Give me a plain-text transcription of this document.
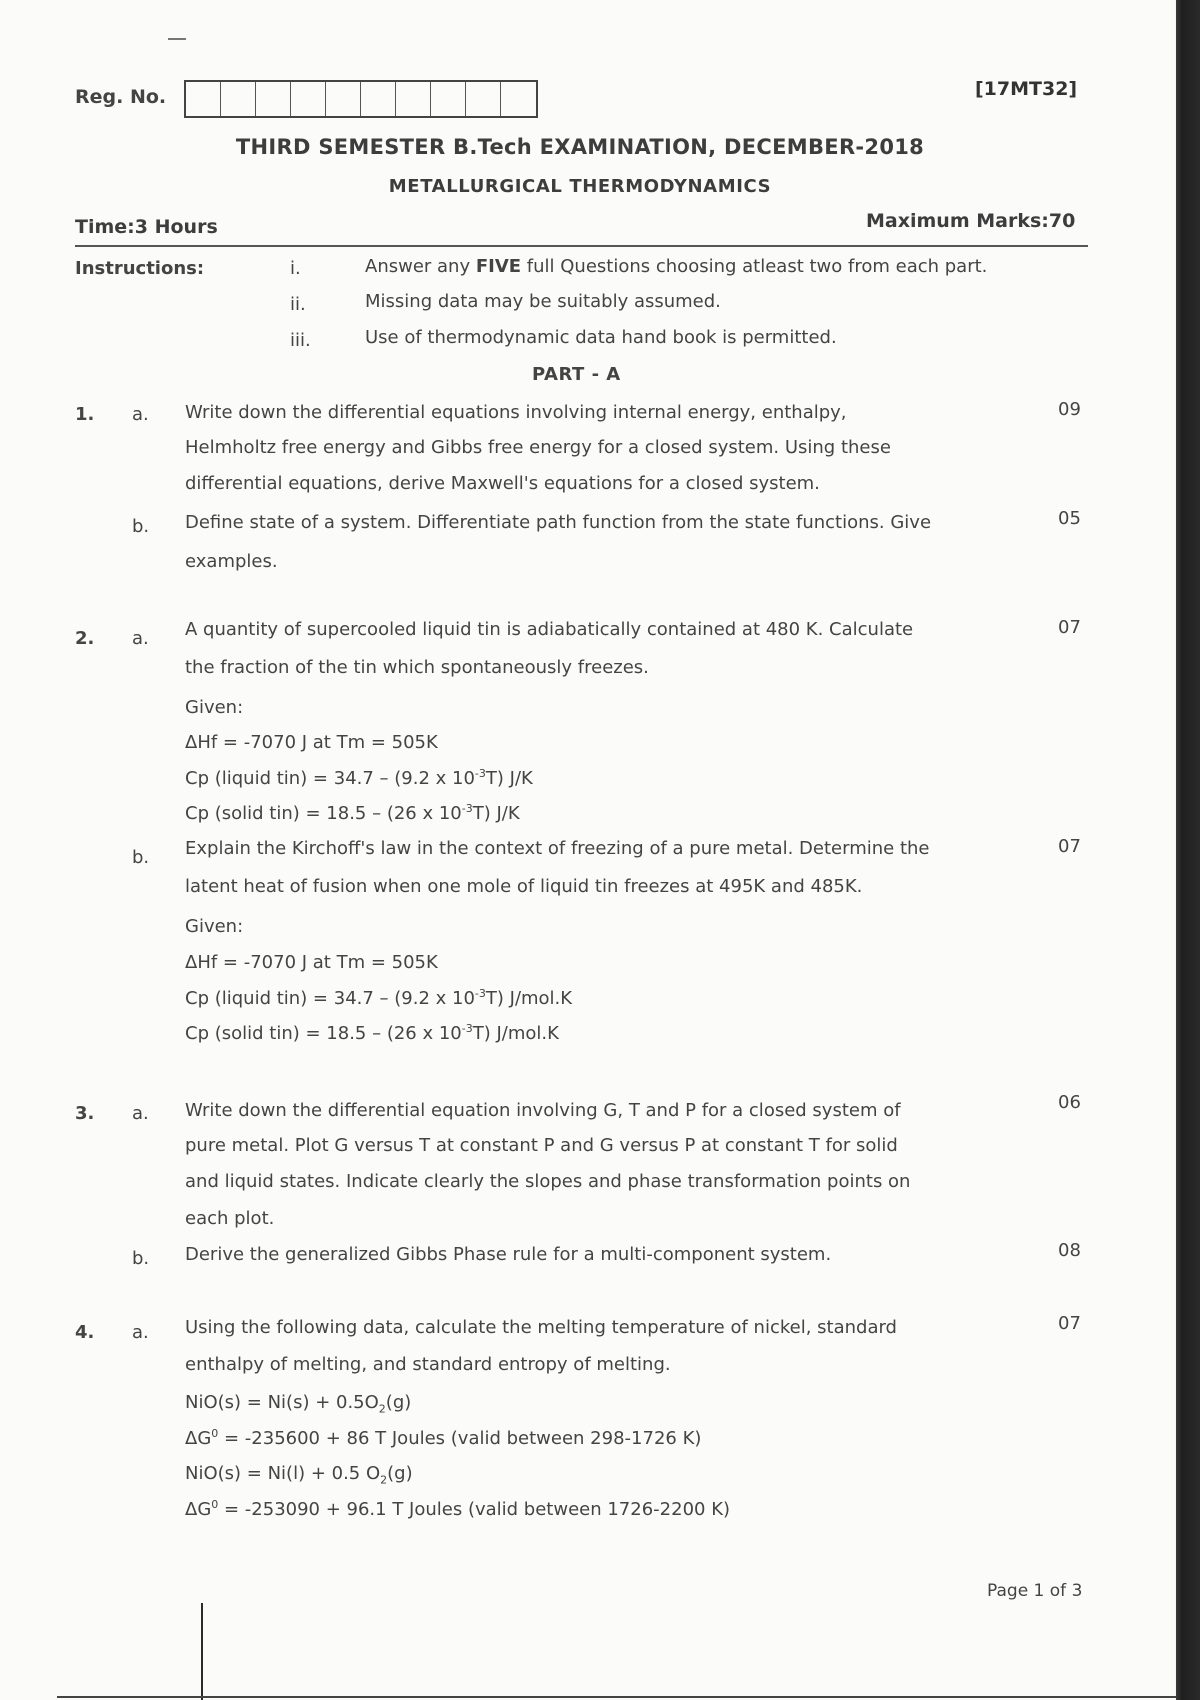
Reg. No.	[17MT32]
THIRD SEMESTER B.Tech EXAMINATION, DECEMBER-2018
METALLURGICAL THERMODYNAMICS
Time:3 Hours	Maximum Marks:70
Instructions:	i.	Answer any FIVE full Questions choosing atleast two from each part.
ii.	Missing data may be suitably assumed.
iii.	Use of thermodynamic data hand book is permitted.
PART - A
1. a. Write down the differential equations involving internal energy, enthalpy,
Helmholtz free energy and Gibbs free energy for a closed system. Using these
differential equations, derive Maxwell's equations for a closed system.
09
b. Define state of a system. Differentiate path function from the state functions. Give
examples.
05
2. a. A quantity of supercooled liquid tin is adiabatically contained at 480 K. Calculate
the fraction of the tin which spontaneously freezes.
07
Given:
ΔHf = -7070 J at Tm = 505K
Cp (liquid tin) = 34.7 – (9.2 x $10^{-3}T$) J/K
Cp (solid tin) = 18.5 – (26 x $10^{-3}T$) J/K
b. Explain the Kirchoff's law in the context of freezing of a pure metal. Determine the
latent heat of fusion when one mole of liquid tin freezes at 495K and 485K.
07
Given:
ΔHf = -7070 J at Tm = 505K
Cp (liquid tin) = 34.7 – (9.2 x $10^{-3}T$) J/mol.K
Cp (solid tin) = 18.5 – (26 x $10^{-3}T$) J/mol.K
3. a. Write down the differential equation involving G, T and P for a closed system of
pure metal. Plot G versus T at constant P and G versus P at constant T for solid
and liquid states. Indicate clearly the slopes and phase transformation points on
each plot.
06
b. Derive the generalized Gibbs Phase rule for a multi-component system.	08
4. a. Using the following data, calculate the melting temperature of nickel, standard
enthalpy of melting, and standard entropy of melting.
07
$NiO(s) = Ni(s) + 0.5O_2(g)$
$\Delta G^0 = -235600 + 86$ T Joules (valid between 298-1726 K)
NiO(s) = Ni(l) + 0.5 $O_2(g)$
$\Delta G^0 = -253090 + 96.1$ T Joules (valid between 1726-2200 K)
Page 1 of 3
